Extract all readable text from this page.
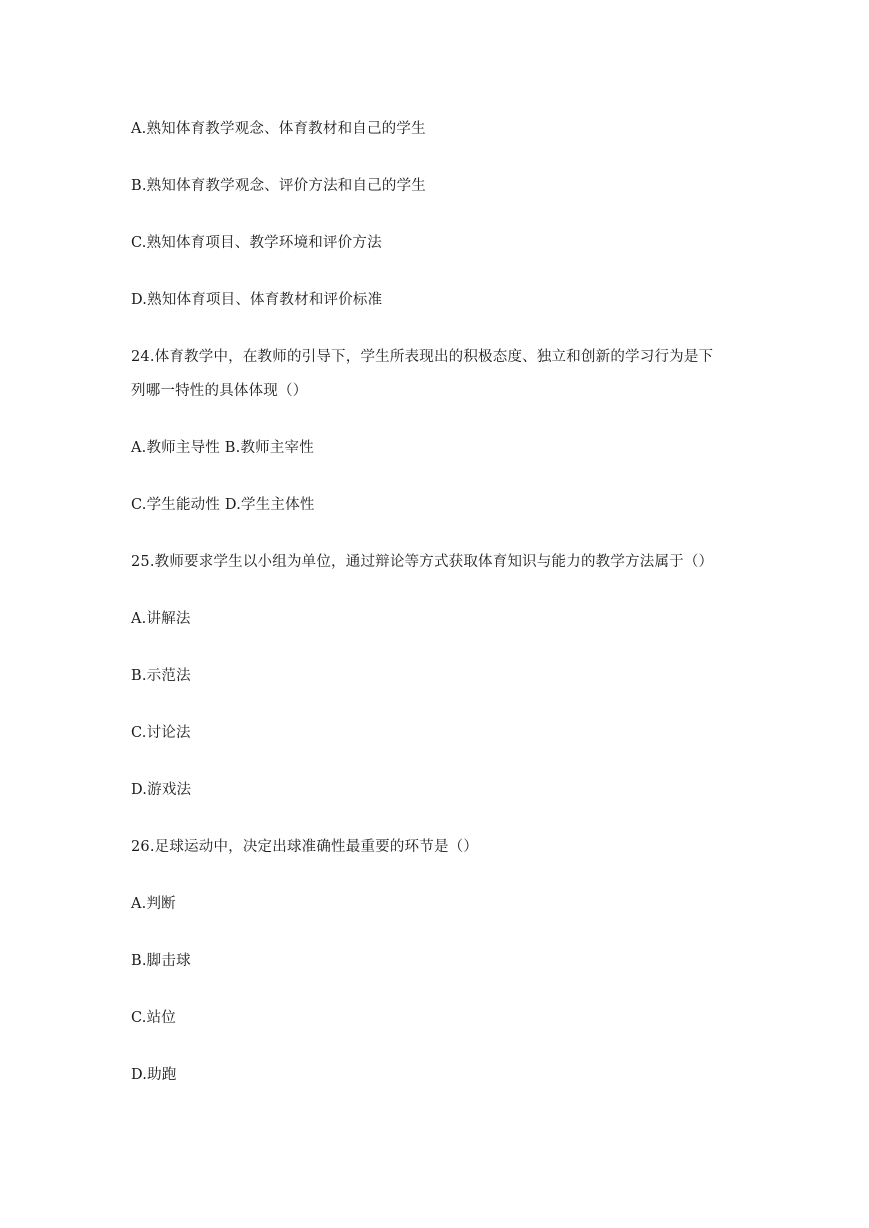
A.熟知体育教学观念、体育教材和自己的学生
B.熟知体育教学观念、评价方法和自己的学生
C.熟知体育项目、教学环境和评价方法
D.熟知体育项目、体育教材和评价标准
24.体育教学中，在教师的引导下，学生所表现出的积极态度、独立和创新的学习行为是下
列哪一特性的具体体现（）
A.教师主导性 B.教师主宰性
C.学生能动性 D.学生主体性
25.教师要求学生以小组为单位，通过辩论等方式获取体育知识与能力的教学方法属于（）
A.讲解法
B.示范法
C.讨论法
D.游戏法
26.足球运动中，决定出球准确性最重要的环节是（）
A.判断
B.脚击球
C.站位
D.助跑
